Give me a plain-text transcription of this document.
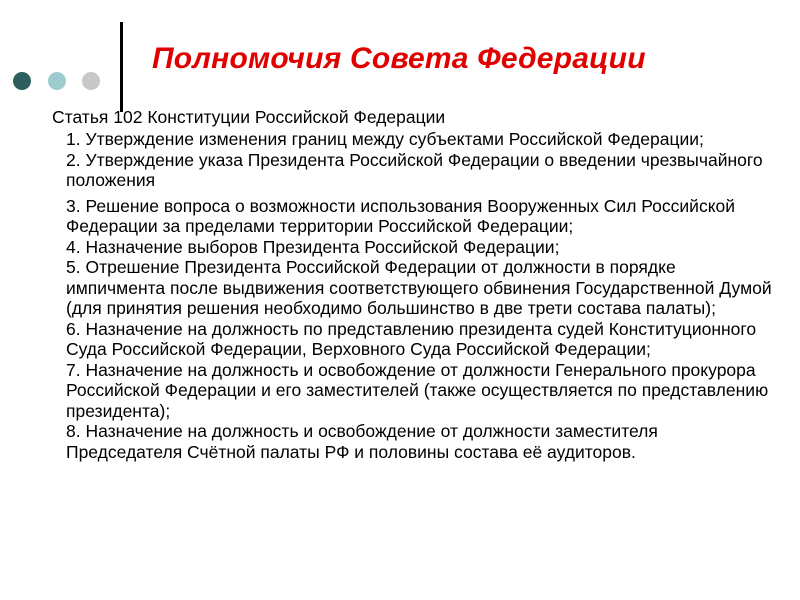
Полномочия Совета Федерации
Статья 102 Конституции Российской Федерации

1. Утверждение изменения границ между субъектами Российской Федерации;

2. Утверждение указа Президента Российской Федерации о введении чрезвычайного положения

3. Решение вопроса о возможности использования Вооруженных Сил Российской Федерации за пределами территории Российской Федерации;

4. Назначение выборов Президента Российской Федерации;

5. Отрешение Президента Российской Федерации от должности в порядке импичмента после выдвижения соответствующего обвинения Государственной Думой (для принятия решения необходимо большинство в две трети состава палаты);

6. Назначение на должность по представлению президента судей Конституционного Суда Российской Федерации, Верховного Суда Российской Федерации;

7. Назначение на должность и освобождение от должности Генерального прокурора Российской Федерации и его заместителей (также осуществляется по представлению президента);

8. Назначение на должность и освобождение от должности заместителя Председателя Счётной палаты РФ и половины состава её аудиторов.
